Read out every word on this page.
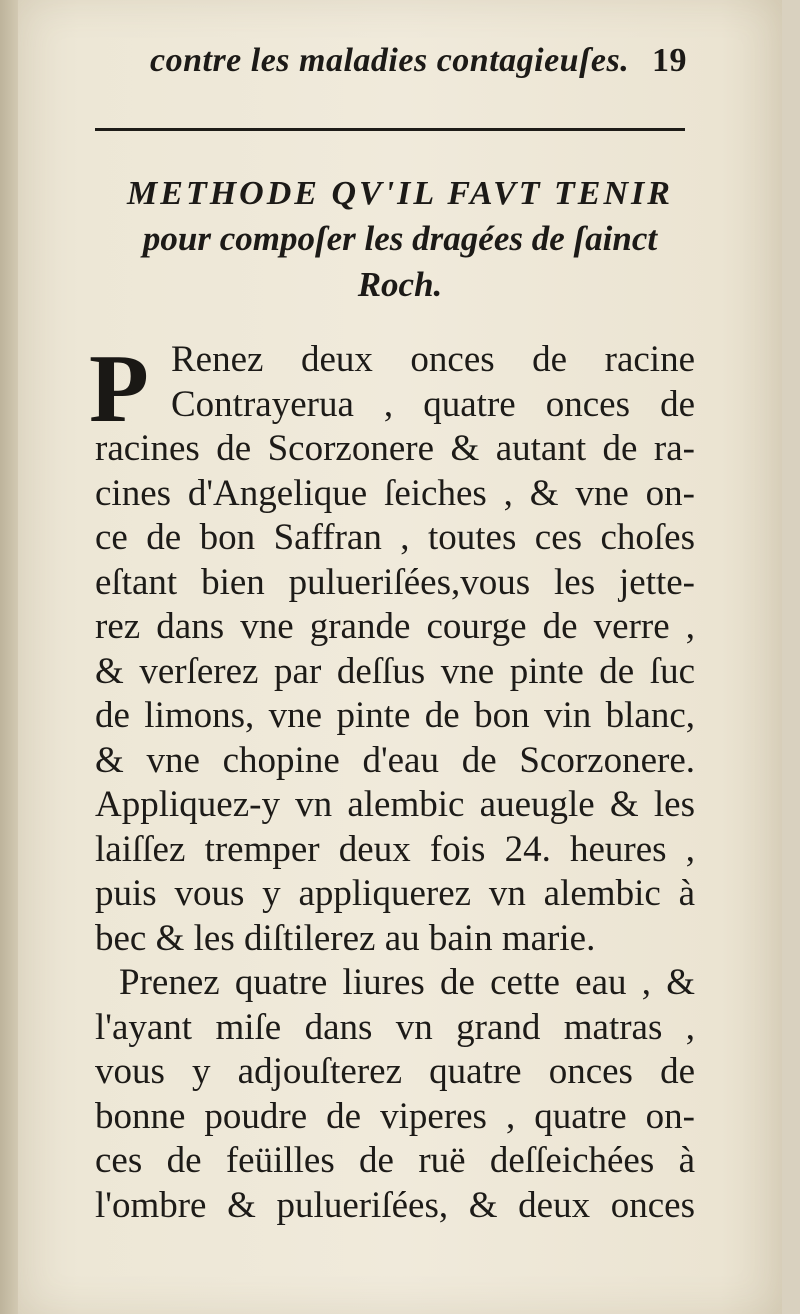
contre les maladies contagieuſes. 19
METHODE QV'IL FAVT TENIR
pour compoſer les dragées de ſainct
Roch.
P Renez deux onces de racine
Contrayerua , quatre onces de
racines de Scorzonere & autant de ra-
cines d'Angelique ſeiches , & vne on-
ce de bon Saffran , toutes ces choſes
eſtant bien pulueriſées,vous les jette-
rez dans vne grande courge de verre ,
& verſerez par deſſus vne pinte de ſuc
de limons, vne pinte de bon vin blanc,
& vne chopine d'eau de Scorzonere.
Appliquez-y vn alembic aueugle & les
laiſſez tremper deux fois 24. heures ,
puis vous y appliquerez vn alembic à
bec & les diſtilerez au bain marie.
Prenez quatre liures de cette eau , &
l'ayant miſe dans vn grand matras ,
vous y adjouſterez quatre onces de
bonne poudre de viperes , quatre on-
ces de feüilles de ruë deſſeichées à
l'ombre & pulueriſées, & deux onces
